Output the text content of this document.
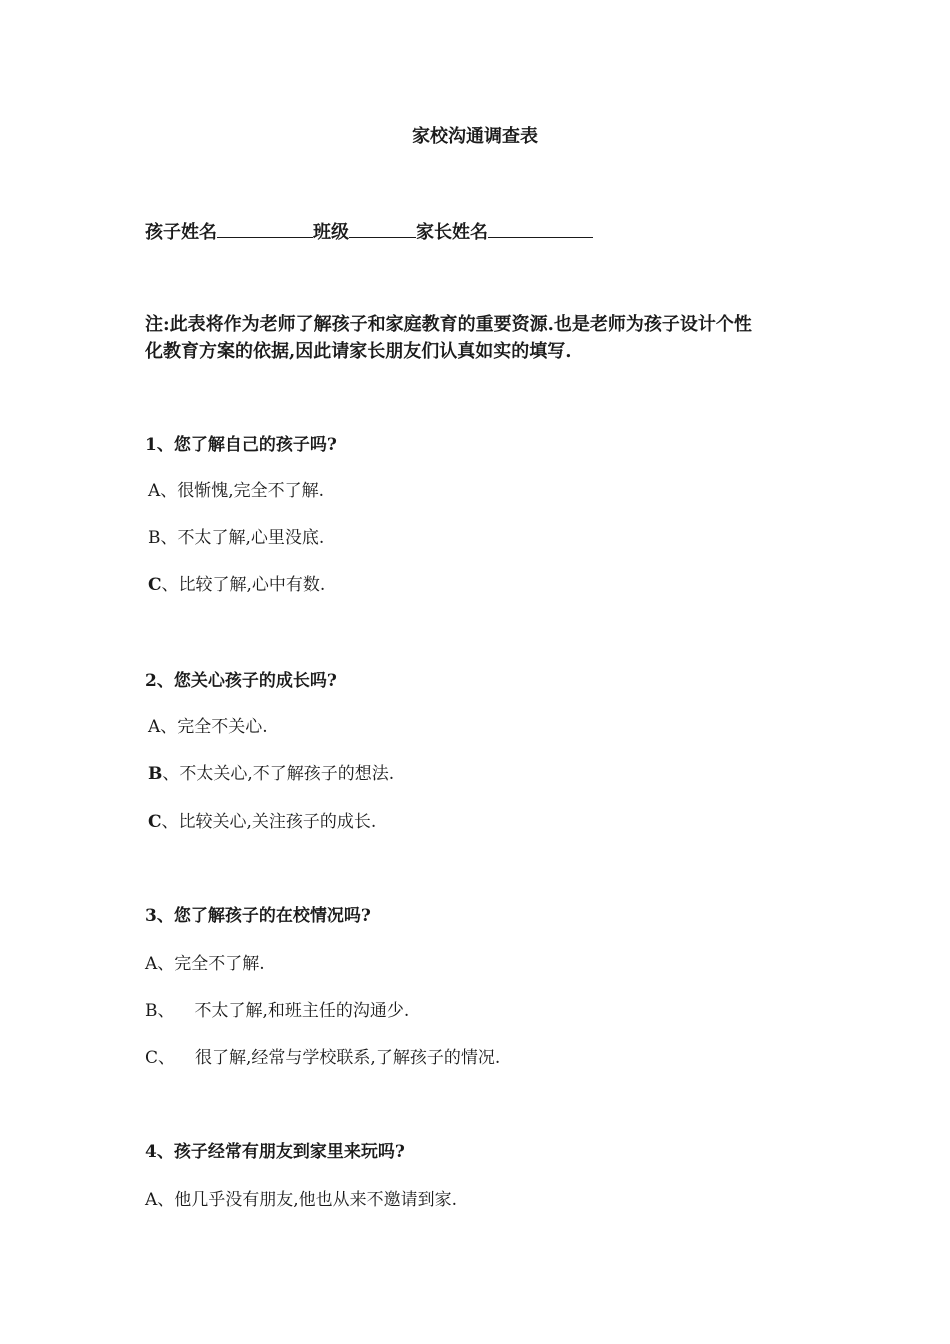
家校沟通调查表
孩子姓名	班级	家长姓名
注:此表将作为老师了解孩子和家庭教育的重要资源.也是老师为孩子设计个性
化教育方案的依据,因此请家长朋友们认真如实的填写.
1、您了解自己的孩子吗?
A、很惭愧,完全不了解.
B、不太了解,心里没底.
C、比较了解,心中有数.
2、您关心孩子的成长吗?
A、完全不关心.
B、不太关心,不了解孩子的想法.
C、比较关心,关注孩子的成长.
3、您了解孩子的在校情况吗?
A、完全不了解.
B、 不太了解,和班主任的沟通少.
C、 很了解,经常与学校联系,了解孩子的情况.
4、孩子经常有朋友到家里来玩吗?
A、他几乎没有朋友,他也从来不邀请到家.
